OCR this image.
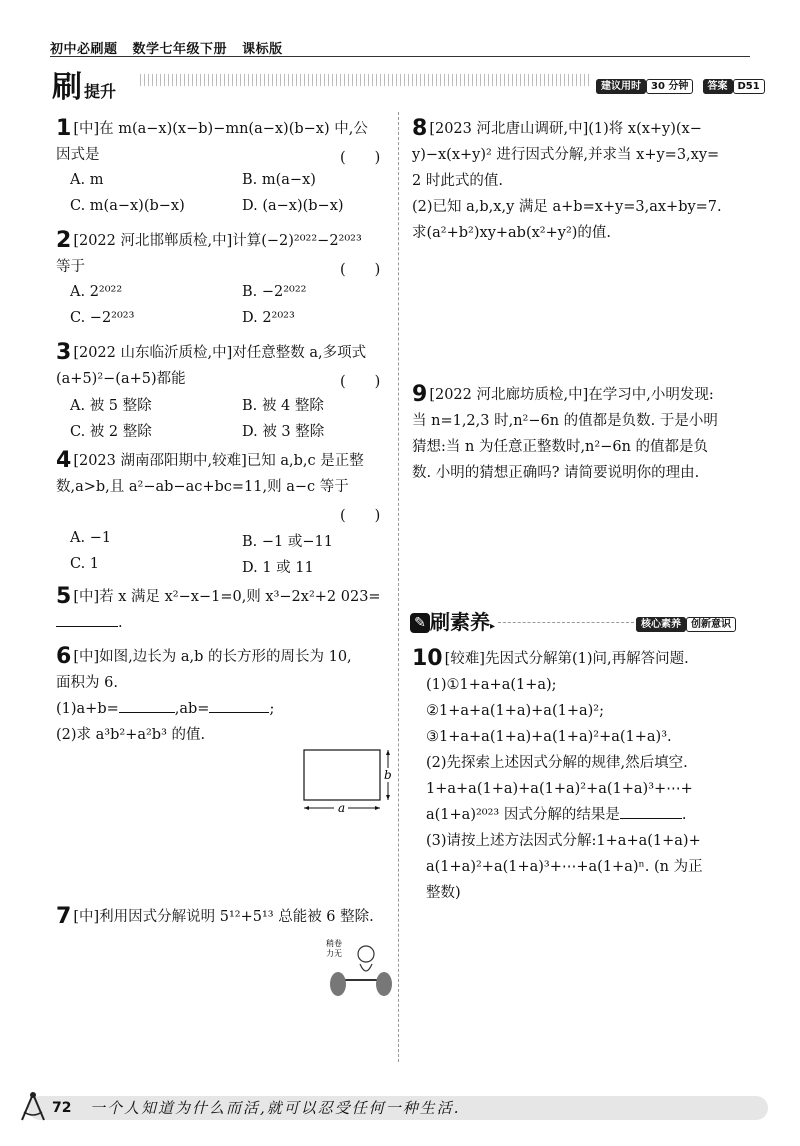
初中必刷题 数学七年级下册 课标版
刷提升	建议用时 30 分钟 答案 D51
1 [中]在 m(a−x)(x−b)−mn(a−x)(b−x) 中,公
因式是	(　　)
A. m	B. m(a−x)
C. m(a−x)(b−x)	D. (a−x)(b−x)
2 [2022 河北邯郸质检,中]计算(−2)²⁰²²−2²⁰²³
等于	(　　)
A. 2²⁰²²	B. −2²⁰²²
C. −2²⁰²³	D. 2²⁰²³
3 [2022 山东临沂质检,中]对任意整数 a,多项式
(a+5)²−(a+5)都能	(　　)
A. 被 5 整除	B. 被 4 整除
C. 被 2 整除	D. 被 3 整除
4 [2023 湖南邵阳期中,较难]已知 a,b,c 是正整
数,a>b,且 a²−ab−ac+bc=11,则 a−c 等于
(　　)
A. −1	B. −1 或−11
C. 1	D. 1 或 11
5 [中]若 x 满足 x²−x−1=0,则 x³−2x²+2 023=
.
6 [中]如图,边长为 a,b 的长方形的周长为 10,
面积为 6.
(1)a+b=	,ab=	;
(2)求 a³b²+a²b³ 的值.
a
b
7 [中]利用因式分解说明 5¹²+5¹³ 总能被 6 整除.
稍卷
力无
8 [2023 河北唐山调研,中](1)将 x(x+y)(x−
y)−x(x+y)² 进行因式分解,并求当 x+y=3,xy=
2 时此式的值.
(2)已知 a,b,x,y 满足 a+b=x+y=3,ax+by=7.
求(a²+b²)xy+ab(x²+y²)的值.
9 [2022 河北廊坊质检,中]在学习中,小明发现:
当 n=1,2,3 时,n²−6n 的值都是负数. 于是小明
猜想:当 n 为任意正整数时,n²−6n 的值都是负
数. 小明的猜想正确吗? 请简要说明你的理由.
✎ 刷素养▸	核心素养 创新意识
10 [较难]先因式分解第(1)问,再解答问题.
(1)①1+a+a(1+a);
②1+a+a(1+a)+a(1+a)²;
③1+a+a(1+a)+a(1+a)²+a(1+a)³.
(2)先探索上述因式分解的规律,然后填空.
1+a+a(1+a)+a(1+a)²+a(1+a)³+⋯+
a(1+a)²⁰²³ 因式分解的结果是	.
(3)请按上述方法因式分解:1+a+a(1+a)+
a(1+a)²+a(1+a)³+⋯+a(1+a)ⁿ. (n 为正
整数)
72 一个人知道为什么而活,就可以忍受任何一种生活.
